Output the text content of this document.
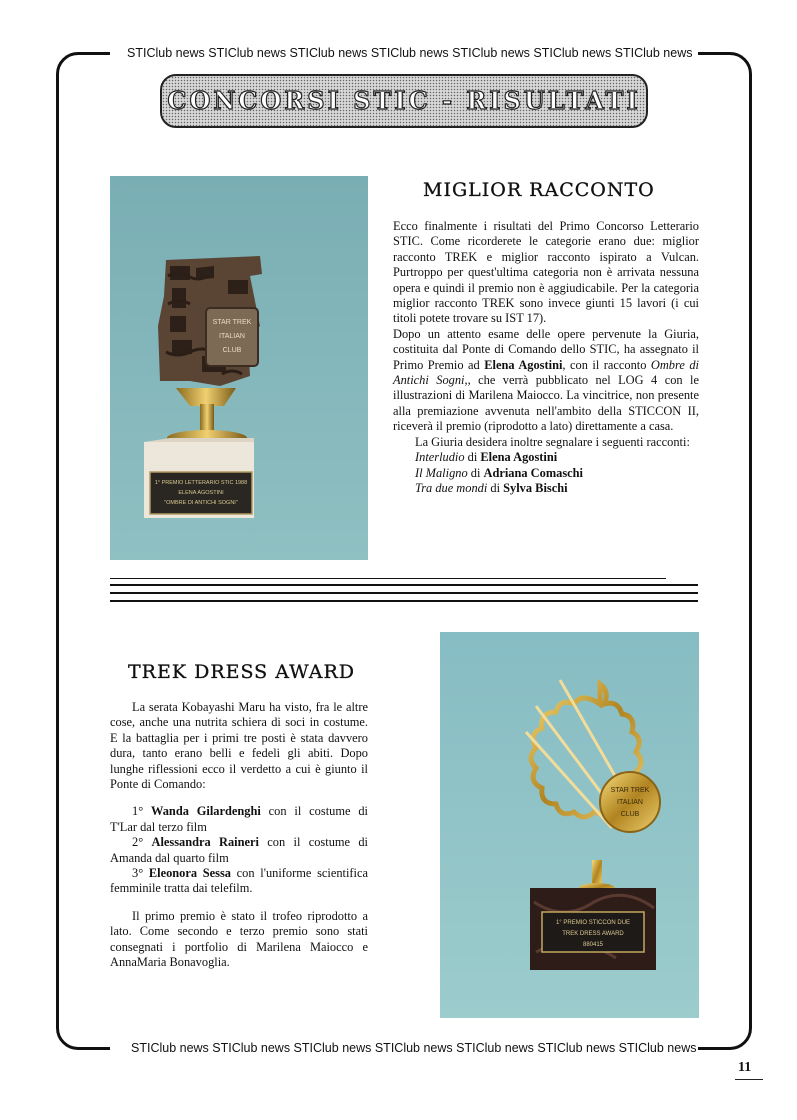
STIClub news STIClub news STIClub news STIClub news STIClub news STIClub news STIClub news
STIClub news STIClub news STIClub news STIClub news STIClub news STIClub news STIClub news
CONCORSI STIC - RISULTATI
STAR TREK
ITALIAN
CLUB
1° PREMIO LETTERARIO STIC 1988
ELENA AGOSTINI
"OMBRE DI ANTICHI SOGNI"
MIGLIOR RACCONTO

Ecco finalmente i risultati del Primo Concorso Letterario STIC. Come ricorderete le categorie erano due: miglior racconto TREK e miglior racconto ispirato a Vulcan. Purtroppo per quest'ultima categoria non è arrivata nessuna opera e quindi il premio non è aggiudicabile. Per la categoria miglior racconto TREK sono invece giunti 15 lavori (i cui titoli potete trovare su IST 17).

Dopo un attento esame delle opere pervenute la Giuria, costituita dal Ponte di Comando dello STIC, ha assegnato il Primo Premio ad Elena Agostini, con il racconto Ombre di Antichi Sogni,, che verrà pubblicato nel LOG 4 con le illustrazioni di Marilena Maiocco. La vincitrice, non presente alla premiazione avvenuta nell'ambito della STICCON II, riceverà il premio (riprodotto a lato) direttamente a casa.

La Giuria desidera inoltre segnalare i seguenti racconti:

Interludio di Elena Agostini

Il Maligno di Adriana Comaschi

Tra due mondi di Sylva Bischi

TREK DRESS AWARD

La serata Kobayashi Maru ha visto, fra le altre cose, anche una nutrita schiera di soci in costume. E la battaglia per i primi tre posti è stata davvero dura, tanto erano belli e fedeli gli abiti. Dopo lunghe riflessioni ecco il verdetto a cui è giunto il Ponte di Comando:

1° Wanda Gilardenghi con il costume di T'Lar dal terzo film

2° Alessandra Raineri con il costume di Amanda dal quarto film

3° Eleonora Sessa con l'uniforme scientifica femminile tratta dai telefilm.

Il primo premio è stato il trofeo riprodotto a lato. Come secondo e terzo premio sono stati consegnati i portfolio di Marilena Maiocco e AnnaMaria Bonavoglia.

STAR TREK
ITALIAN
CLUB
1° PREMIO STICCON DUE
TREK DRESS AWARD
880415
11
